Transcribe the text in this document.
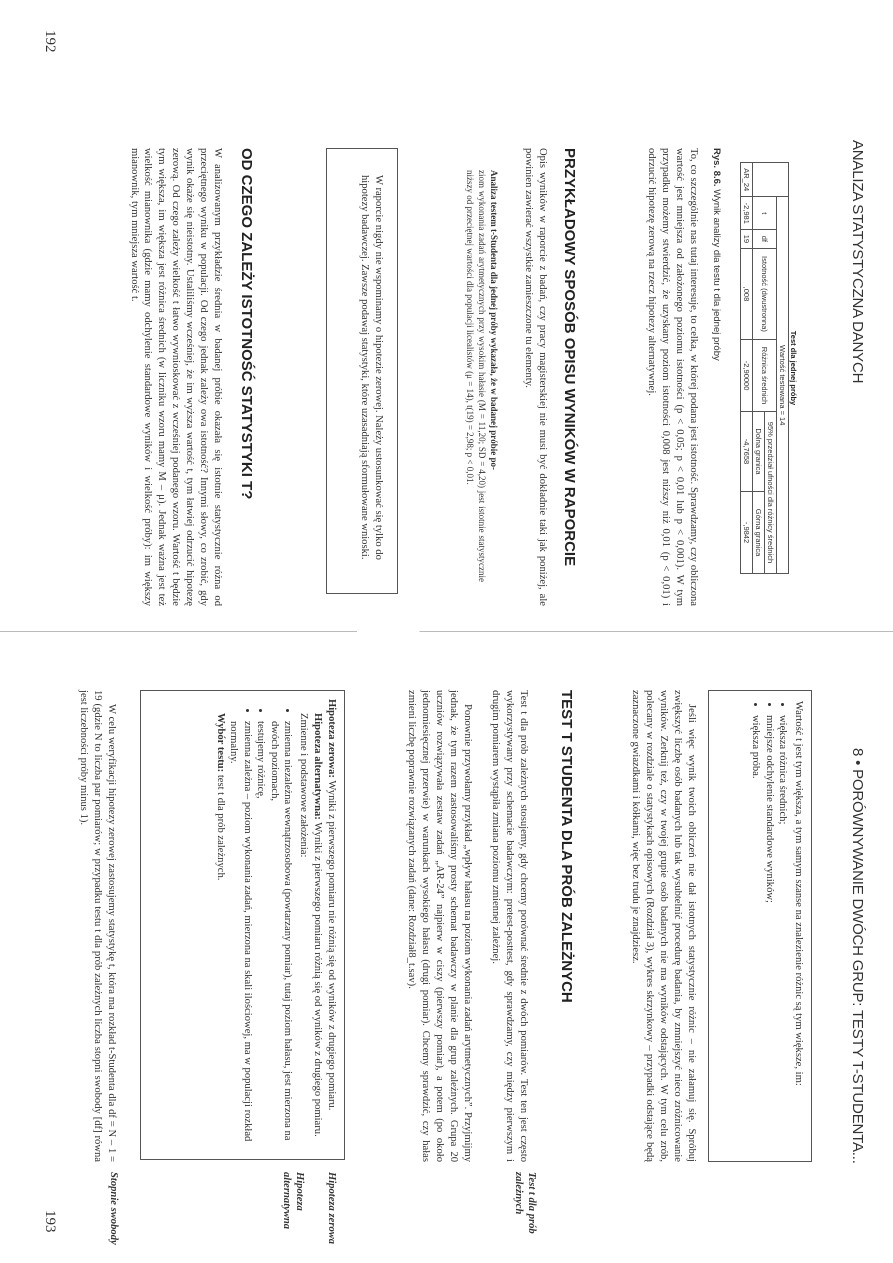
192
ANALIZA STATYSTYCZNA DANYCH
Test dla jednej próby
	Wartość testowana = 14					
	t	df	Istotność (dwustronna)	Różnica średnich	95% przedział ufności dla różnicy średnich	
					Dolna granica	Górna granica
AR_24	-2,981	19	,008	-2,90000	-4,7658	-,9842
Rys. 8.6. Wynik analizy dla testu t dla jednej próby

To, co szczególnie nas tutaj interesuje, to celka, w której podana jest istotność. Sprawdzamy, czy obliczona wartość jest mniejsza od założonego poziomu istotności (p < 0,05; p < 0,01 lub p < 0,001). W tym przypadku możemy stwierdzić, że uzyskany poziom istotności 0,008 jest niższy niż 0,01 (p < 0,01) i odrzucić hipotezę zerową na rzecz hipotezy alternatywnej.

PRZYKŁADOWY SPOSÓB OPISU WYNIKÓW W RAPORCIE

Opis wyników w raporcie z badań, czy pracy magisterskiej nie musi być dokładnie taki jak poniżej, ale powinien zawierać wszystkie zamieszczone tu elementy.

Analiza testem t-Studenta dla jednej próby wykazała, że w badanej próbie po-

ziom wykonania zadań arytmetycznych przy wysokim hałasie (M = 11,20; SD = 4,20) jest istotnie statystycznie niższy od przeciętnej wartości dla populacji licealistów (μ = 14), t(19) = 2,98; p < 0,01.

W raporcie nigdy nie wspominamy o hipotezie zerowej. Należy ustosunkować się tylko do hipotezy badawczej. Zawsze podawaj statystyki, które uzasadniają sformułowane wnioski.
OD CZEGO ZALEŻY ISTOTNOŚĆ STATYSTYKI T?

W analizowanym przykładzie średnia w badanej próbie okazała się istotnie statystycznie różna od przeciętnego wyniku w populacji. Od czego jednak zależy owa istotność? Innymi słowy, co zrobić, gdy wynik okaże się nieistotny. Ustaliliśmy wcześniej, że im wyższa wartość t, tym łatwiej odrzucić hipotezę zerową. Od czego zależy wielkość t łatwo wywnioskować z wcześniej podanego wzoru. Wartość t będzie tym większa, im większa jest różnica średnich (w liczniku wzoru mamy M – μ). Jednak ważna jest też wielkość mianownika (gdzie mamy odchylenie standardowe wyników i wielkość próby): im większy mianownik, tym mniejsza wartość t.

8 • PORÓWNYWANIE DWÓCH GRUP: TESTY T-STUDENTA...
Wartość t jest tym większa, a tym samym szanse na znalezienie różnic są tym większe, im:
• większa różnica średnich;
• mniejsze odchylenie standardowe wyników;
• większa próba.

Jeśli więc wynik twoich obliczeń nie dał istotnych statystycznie różnic – nie załamuj się. Spróbuj zwiększyć liczbę osób badanych lub tak wysubtelnić procedurę badania, by zmniejszyć nieco zróżnicowanie wyników. Zerknij też, czy w twojej grupie osób badanych nie ma wyników odstających. W tym celu zrób, polecany w rozdziale o statystykach opisowych (Rozdział 3), wykres skrzynkowy – przypadki odstające będą zaznaczone gwiazdkami i kółkami, więc bez trudu je znajdziesz.

TEST T STUDENTA DLA PRÓB ZALEŻNYCH
Test t dla prób zależnych

Test t dla prób zależnych stosujemy, gdy chcemy porównać średnie z dwóch pomiarów. Test ten jest często wykorzystywany przy schemacie badawczym: pretest-posttest, gdy sprawdzamy, czy między pierwszym i drugim pomiarem wystąpiła zmiana poziomu zmiennej zależnej.

Ponownie przywołamy przykład „wpływ hałasu na poziom wykonania zadań arytmetycznych”. Przyjmijmy jednak, że tym razem zastosowaliśmy prosty schemat badawczy w planie dla grup zależnych. Grupa 20 uczniów rozwiązywała zestaw zadań „AR-24” najpierw w ciszy (pierwszy pomiar), a potem (po około jednomiesięcznej przerwie) w warunkach wysokiego hałasu (drugi pomiar). Chcemy sprawdzić, czy hałas zmieni liczbę poprawnie rozwiązanych zadań (dane: Rozdział8_t.sav).

Hipoteza zerowa
Hipoteza alternatywna
Hipoteza zerowa: Wyniki z pierwszego pomiaru nie różnią się od wyników z drugiego pomiaru.
Hipoteza alternatywna: Wyniki z pierwszego pomiaru różnią się od wyników z drugiego pomiaru.
Zmienne i podstawowe założenia:
• zmienna niezależna wewnątrzosobowa (powtarzany pomiar), tutaj poziom hałasu, jest mierzona na dwóch poziomach,
• testujemy różnicę,
• zmienna zależna – poziom wykonania zadań, mierzona na skali ilościowej, ma w populacji rozkład normalny.
Wybór testu: test t dla prób zależnych.
Stopnie swobody

W celu weryfikacji hipotezy zerowej zastosujemy statystykę t, która ma rozkład t-Studenta dla df = N – 1 = 19 (gdzie N to liczba par pomiarów; w przypadku testu t dla prób zależnych liczba stopni swobody [df] równa jest liczebności próby minus 1).

193
